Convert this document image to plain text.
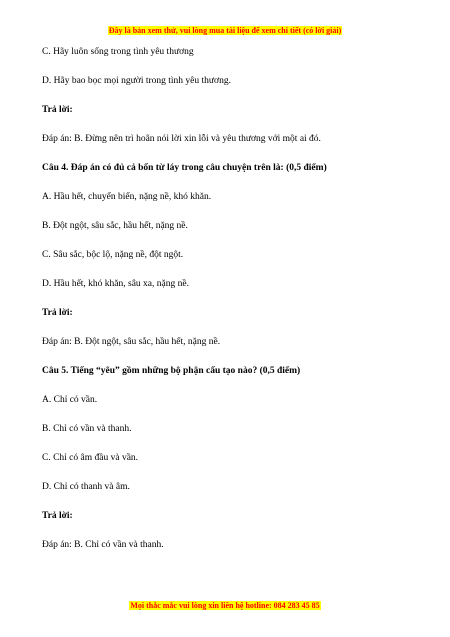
Đây là bản xem thử, vui lòng mua tài liệu để xem chi tiết (có lời giải)
C. Hãy luôn sống trong tình yêu thương
D. Hãy bao bọc mọi người trong tình yêu thương.
Trả lời:
Đáp án: B. Đừng nên trì hoãn nói lời xin lỗi và yêu thương với một ai đó.
Câu 4. Đáp án có đủ cả bốn từ láy trong câu chuyện trên là: (0,5 điểm)
A. Hầu hết, chuyển biến, nặng nề, khó khăn.
B. Đột ngột, sâu sắc, hầu hết, nặng nề.
C. Sâu sắc, bộc lộ, nặng nề, đột ngột.
D. Hầu hết, khó khăn, sâu xa, nặng nề.
Trả lời:
Đáp án: B. Đột ngột, sâu sắc, hầu hết, nặng nề.
Câu 5. Tiếng “yêu” gồm những bộ phận cấu tạo nào? (0,5 điểm)
A. Chỉ có vần.
B. Chỉ có vần và thanh.
C. Chỉ có âm đầu và vần.
D. Chỉ có thanh và âm.
Trả lời:
Đáp án: B. Chỉ có vần và thanh.
Mọi thắc mắc vui lòng xin liên hệ hotline: 084 283 45 85
